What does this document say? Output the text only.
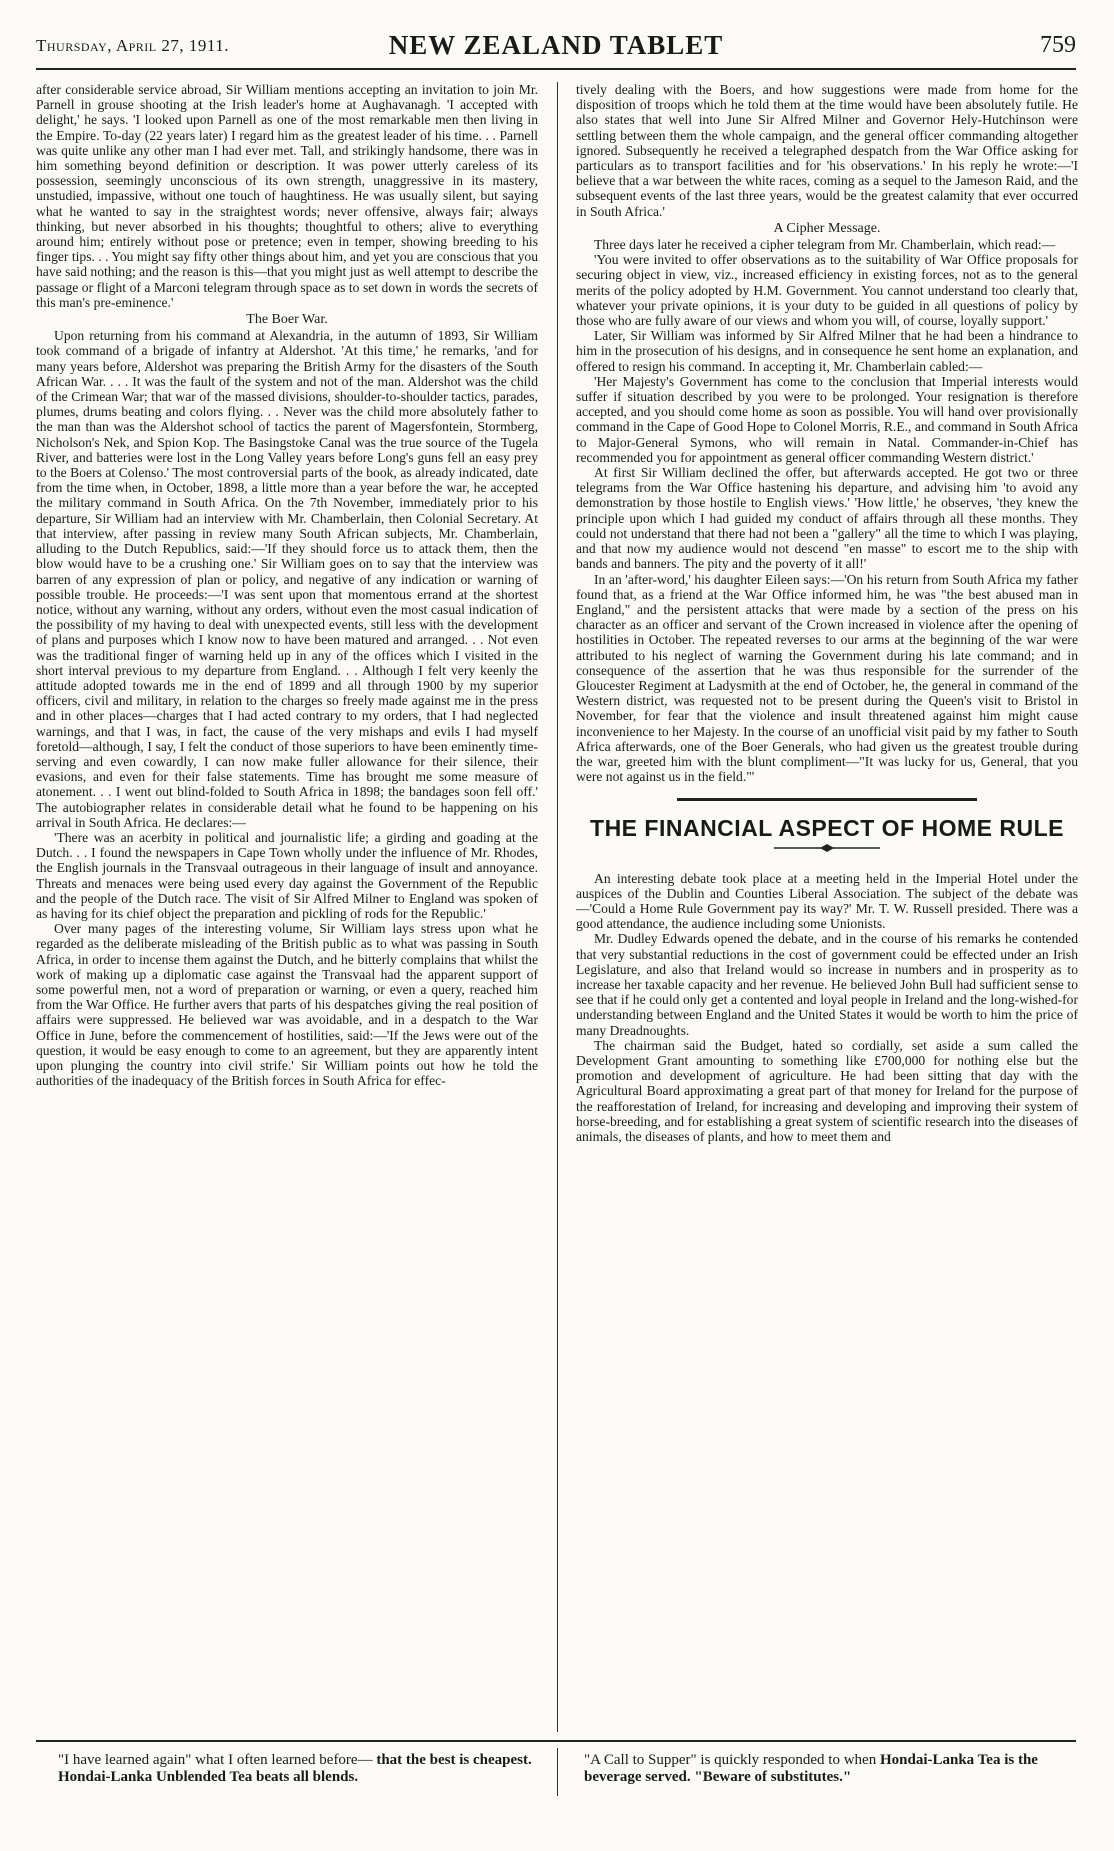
Thursday, April 27, 1911.	NEW ZEALAND TABLET	759

after considerable service abroad, Sir William mentions accepting an invitation to join Mr. Parnell in grouse shooting at the Irish leader's home at Aughavanagh. 'I accepted with delight,' he says. 'I looked upon Parnell as one of the most remarkable men then living in the Empire. To-day (22 years later) I regard him as the greatest leader of his time. . . Parnell was quite unlike any other man I had ever met. Tall, and strikingly handsome, there was in him something beyond definition or description. It was power utterly careless of its possession, seemingly unconscious of its own strength, unaggressive in its mastery, unstudied, impassive, without one touch of haughtiness. He was usually silent, but saying what he wanted to say in the straightest words; never offensive, always fair; always thinking, but never absorbed in his thoughts; thoughtful to others; alive to everything around him; entirely without pose or pretence; even in temper, showing breeding to his finger tips. . . You might say fifty other things about him, and yet you are conscious that you have said nothing; and the reason is this—that you might just as well attempt to describe the passage or flight of a Marconi telegram through space as to set down in words the secrets of this man's pre-eminence.'

The Boer War.

Upon returning from his command at Alexandria, in the autumn of 1893, Sir William took command of a brigade of infantry at Aldershot. 'At this time,' he remarks, 'and for many years before, Aldershot was preparing the British Army for the disasters of the South African War. . . . It was the fault of the system and not of the man. Aldershot was the child of the Crimean War; that war of the massed divisions, shoulder-to-shoulder tactics, parades, plumes, drums beating and colors flying. . . Never was the child more absolutely father to the man than was the Aldershot school of tactics the parent of Magersfontein, Stormberg, Nicholson's Nek, and Spion Kop. The Basingstoke Canal was the true source of the Tugela River, and batteries were lost in the Long Valley years before Long's guns fell an easy prey to the Boers at Colenso.' The most controversial parts of the book, as already indicated, date from the time when, in October, 1898, a little more than a year before the war, he accepted the military command in South Africa. On the 7th November, immediately prior to his departure, Sir William had an interview with Mr. Chamberlain, then Colonial Secretary. At that interview, after passing in review many South African subjects, Mr. Chamberlain, alluding to the Dutch Republics, said:—'If they should force us to attack them, then the blow would have to be a crushing one.' Sir William goes on to say that the interview was barren of any expression of plan or policy, and negative of any indication or warning of possible trouble. He proceeds:—'I was sent upon that momentous errand at the shortest notice, without any warning, without any orders, without even the most casual indication of the possibility of my having to deal with unexpected events, still less with the development of plans and purposes which I know now to have been matured and arranged. . . Not even was the traditional finger of warning held up in any of the offices which I visited in the short interval previous to my departure from England. . . Although I felt very keenly the attitude adopted towards me in the end of 1899 and all through 1900 by my superior officers, civil and military, in relation to the charges so freely made against me in the press and in other places—charges that I had acted contrary to my orders, that I had neglected warnings, and that I was, in fact, the cause of the very mishaps and evils I had myself foretold—although, I say, I felt the conduct of those superiors to have been eminently time-serving and even cowardly, I can now make fuller allowance for their silence, their evasions, and even for their false statements. Time has brought me some measure of atonement. . . I went out blind-folded to South Africa in 1898; the bandages soon fell off.' The autobiographer relates in considerable detail what he found to be happening on his arrival in South Africa. He declares:—

'There was an acerbity in political and journalistic life; a girding and goading at the Dutch. . . I found the newspapers in Cape Town wholly under the influence of Mr. Rhodes, the English journals in the Transvaal outrageous in their language of insult and annoyance. Threats and menaces were being used every day against the Government of the Republic and the people of the Dutch race. The visit of Sir Alfred Milner to England was spoken of as having for its chief object the preparation and pickling of rods for the Republic.'

Over many pages of the interesting volume, Sir William lays stress upon what he regarded as the deliberate misleading of the British public as to what was passing in South Africa, in order to incense them against the Dutch, and he bitterly complains that whilst the work of making up a diplomatic case against the Transvaal had the apparent support of some powerful men, not a word of preparation or warning, or even a query, reached him from the War Office. He further avers that parts of his despatches giving the real position of affairs were suppressed. He believed war was avoidable, and in a despatch to the War Office in June, before the commencement of hostilities, said:—'If the Jews were out of the question, it would be easy enough to come to an agreement, but they are apparently intent upon plunging the country into civil strife.' Sir William points out how he told the authorities of the inadequacy of the British forces in South Africa for effec-

tively dealing with the Boers, and how suggestions were made from home for the disposition of troops which he told them at the time would have been absolutely futile. He also states that well into June Sir Alfred Milner and Governor Hely-Hutchinson were settling between them the whole campaign, and the general officer commanding altogether ignored. Subsequently he received a telegraphed despatch from the War Office asking for particulars as to transport facilities and for 'his observations.' In his reply he wrote:—'I believe that a war between the white races, coming as a sequel to the Jameson Raid, and the subsequent events of the last three years, would be the greatest calamity that ever occurred in South Africa.'

A Cipher Message.

Three days later he received a cipher telegram from Mr. Chamberlain, which read:—

'You were invited to offer observations as to the suitability of War Office proposals for securing object in view, viz., increased efficiency in existing forces, not as to the general merits of the policy adopted by H.M. Government. You cannot understand too clearly that, whatever your private opinions, it is your duty to be guided in all questions of policy by those who are fully aware of our views and whom you will, of course, loyally support.'

Later, Sir William was informed by Sir Alfred Milner that he had been a hindrance to him in the prosecution of his designs, and in consequence he sent home an explanation, and offered to resign his command. In accepting it, Mr. Chamberlain cabled:—

'Her Majesty's Government has come to the conclusion that Imperial interests would suffer if situation described by you were to be prolonged. Your resignation is therefore accepted, and you should come home as soon as possible. You will hand over provisionally command in the Cape of Good Hope to Colonel Morris, R.E., and command in South Africa to Major-General Symons, who will remain in Natal. Commander-in-Chief has recommended you for appointment as general officer commanding Western district.'

At first Sir William declined the offer, but afterwards accepted. He got two or three telegrams from the War Office hastening his departure, and advising him 'to avoid any demonstration by those hostile to English views.' 'How little,' he observes, 'they knew the principle upon which I had guided my conduct of affairs through all these months. They could not understand that there had not been a "gallery" all the time to which I was playing, and that now my audience would not descend "en masse" to escort me to the ship with bands and banners. The pity and the poverty of it all!'

In an 'after-word,' his daughter Eileen says:—'On his return from South Africa my father found that, as a friend at the War Office informed him, he was "the best abused man in England," and the persistent attacks that were made by a section of the press on his character as an officer and servant of the Crown increased in violence after the opening of hostilities in October. The repeated reverses to our arms at the beginning of the war were attributed to his neglect of warning the Government during his late command; and in consequence of the assertion that he was thus responsible for the surrender of the Gloucester Regiment at Ladysmith at the end of October, he, the general in command of the Western district, was requested not to be present during the Queen's visit to Bristol in November, for fear that the violence and insult threatened against him might cause inconvenience to her Majesty. In the course of an unofficial visit paid by my father to South Africa afterwards, one of the Boer Generals, who had given us the greatest trouble during the war, greeted him with the blunt compliment—"It was lucky for us, General, that you were not against us in the field."'

THE FINANCIAL ASPECT OF HOME RULE

An interesting debate took place at a meeting held in the Imperial Hotel under the auspices of the Dublin and Counties Liberal Association. The subject of the debate was—'Could a Home Rule Government pay its way?' Mr. T. W. Russell presided. There was a good attendance, the audience including some Unionists.

Mr. Dudley Edwards opened the debate, and in the course of his remarks he contended that very substantial reductions in the cost of government could be effected under an Irish Legislature, and also that Ireland would so increase in numbers and in prosperity as to increase her taxable capacity and her revenue. He believed John Bull had sufficient sense to see that if he could only get a contented and loyal people in Ireland and the long-wished-for understanding between England and the United States it would be worth to him the price of many Dreadnoughts.

The chairman said the Budget, hated so cordially, set aside a sum called the Development Grant amounting to something like £700,000 for nothing else but the promotion and development of agriculture. He had been sitting that day with the Agricultural Board approximating a great part of that money for Ireland for the purpose of the reafforestation of Ireland, for increasing and developing and improving their system of horse-breeding, and for establishing a great system of scientific research into the diseases of animals, the diseases of plants, and how to meet them and

"I have learned again" what I often learned before— that the best is cheapest. Hondai-Lanka Unblended Tea beats all blends.
"A Call to Supper" is quickly responded to when Hondai-Lanka Tea is the beverage served. "Beware of substitutes."
